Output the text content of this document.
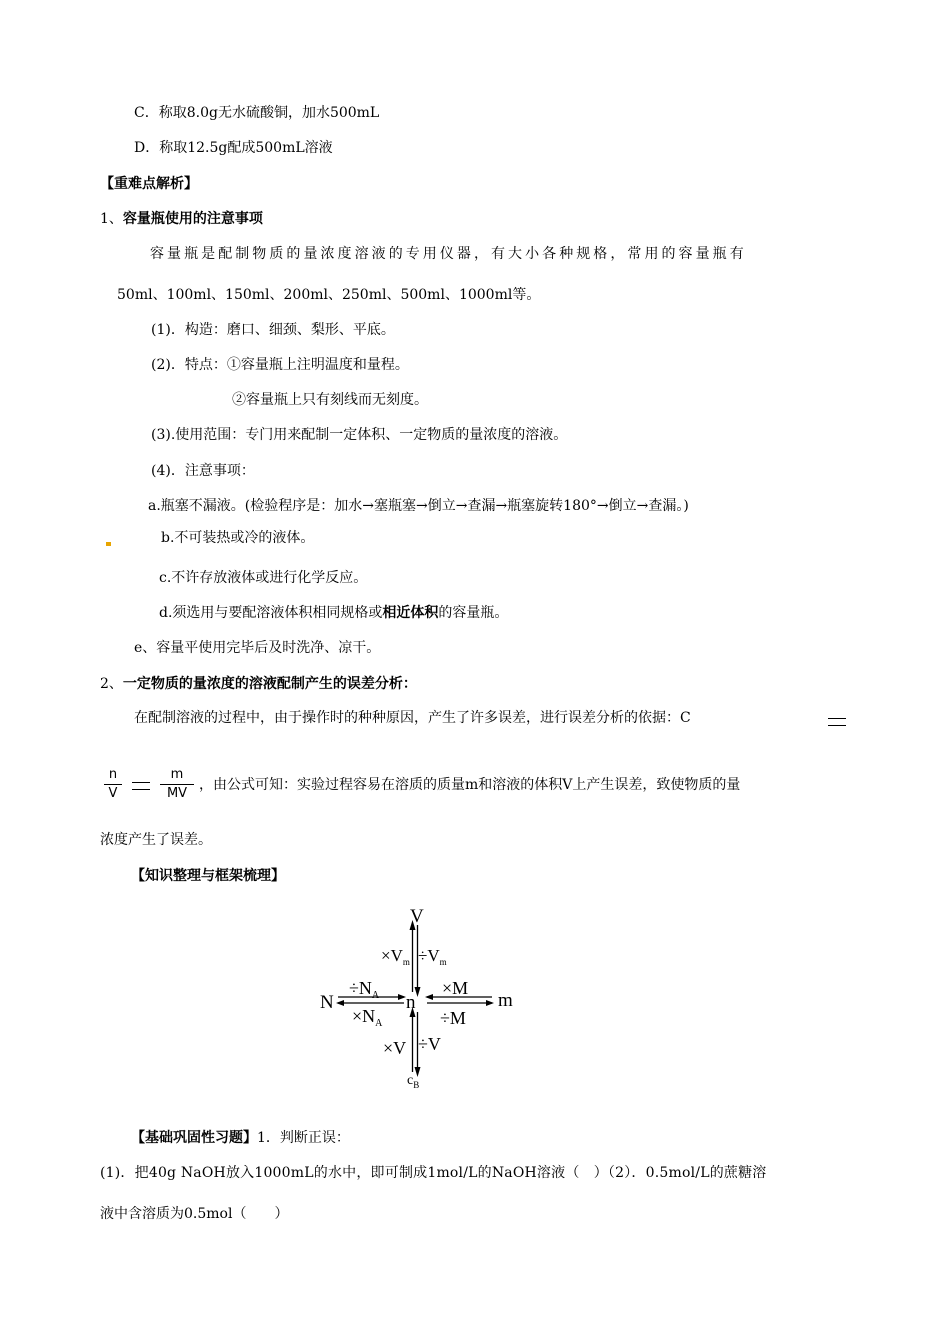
C．称取8.0g无水硫酸铜，加水500mL
D．称取12.5g配成500mL溶液
【重难点解析】
1、容量瓶使用的注意事项
容量瓶是配制物质的量浓度溶液的专用仪器，有大小各种规格，常用的容量瓶有
50ml、100ml、150ml、200ml、250ml、500ml、1000ml等。
(1)．构造：磨口、细颈、梨形、平底。
(2)．特点：①容量瓶上注明温度和量程。
②容量瓶上只有刻线而无刻度。
(3).使用范围：专门用来配制一定体积、一定物质的量浓度的溶液。
(4)．注意事项：
a.瓶塞不漏液。(检验程序是：加水→塞瓶塞→倒立→查漏→瓶塞旋转180°→倒立→查漏。)
b.不可装热或冷的液体。
c.不许存放液体或进行化学反应。
d.须选用与要配溶液体积相同规格或相近体积的容量瓶。
e、容量平使用完毕后及时洗净、凉干。
2、一定物质的量浓度的溶液配制产生的误差分析：
在配制溶液的过程中，由于操作时的种种原因，产生了许多误差，进行误差分析的依据：C
n
V
m
MV
，由公式可知：实验过程容易在溶质的质量m和溶液的体积V上产生误差，致使物质的量
浓度产生了误差。
【知识整理与框架梳理】
V
N	n	m
$c_B$
$\times V_m \div V_m$
$\div N_A$
$\times N_A$
×M
÷M
×V ÷V
【基础巩固性习题】1．判断正误：
(1)．把40g NaOH放入1000mL的水中，即可制成1mol/L的NaOH溶液（　）（2）．0.5mol/L的蔗糖溶
液中含溶质为0.5mol（　　）
